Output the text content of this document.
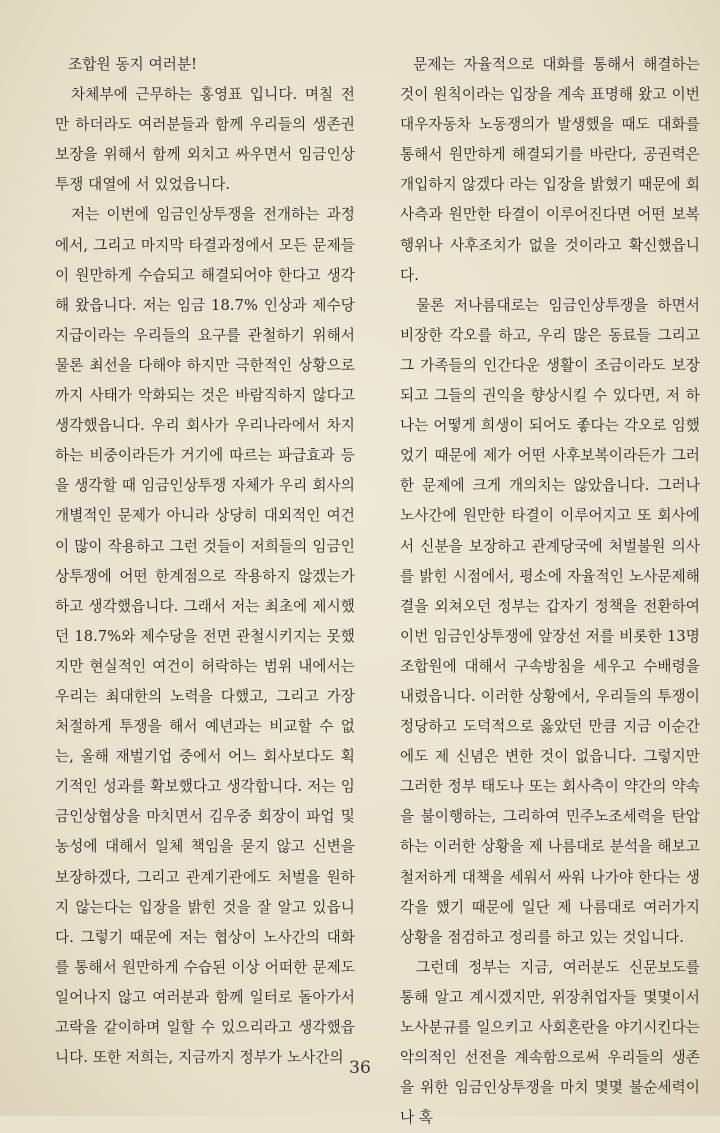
조합원 동지 여러분!

차체부에 근무하는 홍영표 입니다. 며칠 전만 하더라도 여러분들과 함께 우리들의 생존권보장을 위해서 함께 외치고 싸우면서 임금인상투쟁 대열에 서 있었읍니다.

저는 이번에 임금인상투쟁을 전개하는 과정에서, 그리고 마지막 타결과정에서 모든 문제들이 원만하게 수습되고 해결되어야 한다고 생각해 왔읍니다. 저는 임금 18.7% 인상과 제수당지급이라는 우리들의 요구를 관철하기 위해서 물론 최선을 다해야 하지만 극한적인 상황으로까지 사태가 악화되는 것은 바람직하지 않다고 생각했읍니다. 우리 회사가 우리나라에서 차지하는 비중이라든가 거기에 따르는 파급효과 등을 생각할 때 임금인상투쟁 자체가 우리 회사의 개별적인 문제가 아니라 상당히 대외적인 여건이 많이 작용하고 그런 것들이 저희들의 임금인상투쟁에 어떤 한계점으로 작용하지 않겠는가 하고 생각했읍니다. 그래서 저는 최초에 제시했던 18.7%와 제수당을 전면 관철시키지는 못했지만 현실적인 여건이 허락하는 범위 내에서는 우리는 최대한의 노력을 다했고, 그리고 가장 처절하게 투쟁을 해서 예년과는 비교할 수 없는, 올해 재벌기업 중에서 어느 회사보다도 획기적인 성과를 확보했다고 생각합니다. 저는 임금인상협상을 마치면서 김우중 회장이 파업 및 농성에 대해서 일체 책임을 묻지 않고 신변을 보장하겠다, 그리고 관계기관에도 처벌을 원하지 않는다는 입장을 밝힌 것을 잘 알고 있읍니다. 그렇기 때문에 저는 협상이 노사간의 대화를 통해서 원만하게 수습된 이상 어떠한 문제도 일어나지 않고 여러분과 함께 일터로 돌아가서 고락을 같이하며 일할 수 있으리라고 생각했읍니다. 또한 저희는, 지금까지 정부가 노사간의

문제는 자율적으로 대화를 통해서 해결하는 것이 원칙이라는 입장을 계속 표명해 왔고 이번 대우자동차 노동쟁의가 발생했을 때도 대화를 통해서 원만하게 해결되기를 바란다, 공권력은 개입하지 않겠다 라는 입장을 밝혔기 때문에 회사측과 원만한 타결이 이루어진다면 어떤 보복행위나 사후조치가 없을 것이라고 확신했읍니다.

물론 저나름대로는 임금인상투쟁을 하면서 비장한 각오를 하고, 우리 많은 동료들 그리고 그 가족들의 인간다운 생활이 조금이라도 보장되고 그들의 권익을 향상시킬 수 있다면, 저 하나는 어떻게 희생이 되어도 좋다는 각오로 임했었기 때문에 제가 어떤 사후보복이라든가 그러한 문제에 크게 개의치는 않았읍니다. 그러나 노사간에 원만한 타결이 이루어지고 또 회사에서 신분을 보장하고 관계당국에 처벌불원 의사를 밝힌 시점에서, 평소에 자율적인 노사문제해결을 외쳐오던 정부는 갑자기 정책을 전환하여 이번 임금인상투쟁에 앞장선 저를 비롯한 13명 조합원에 대해서 구속방침을 세우고 수배령을 내렸읍니다. 이러한 상황에서, 우리들의 투쟁이 정당하고 도덕적으로 옳았던 만큼 지금 이순간에도 제 신념은 변한 것이 없읍니다. 그렇지만 그러한 정부 태도나 또는 회사측이 약간의 약속을 불이행하는, 그리하여 민주노조세력을 탄압하는 이러한 상황을 제 나름대로 분석을 해보고 철저하게 대책을 세워서 싸워 나가야 한다는 생각을 했기 때문에 일단 제 나름대로 여러가지 상황을 점검하고 정리를 하고 있는 것입니다.

그런데 정부는 지금, 여러분도 신문보도를 통해 알고 계시겠지만, 위장취업자들 몇몇이서 노사분규를 일으키고 사회혼란을 야기시킨다는 악의적인 선전을 계속함으로써 우리들의 생존을 위한 임금인상투쟁을 마치 몇몇 불순세력이나 혹

36
